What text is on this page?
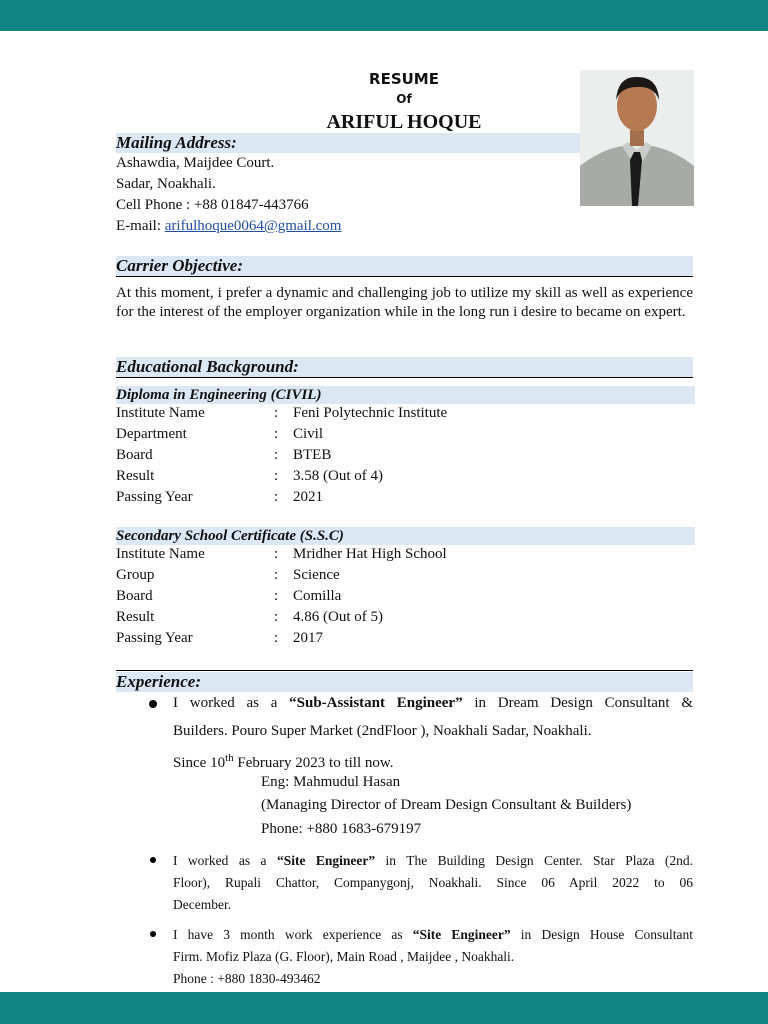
RESUME
Of
ARIFUL HOQUE
Mailing Address:
Ashawdia, Maijdee Court.
Sadar, Noakhali.
Cell Phone : +88 01847-443766
E-mail: arifulhoque0064@gmail.com
Carrier Objective:
At this moment, i prefer a dynamic and challenging job to utilize my skill as well as experience for the interest of the employer organization while in the long run i desire to became on expert.
Educational Background:
Diploma in Engineering (CIVIL)
Institute Name	: Feni Polytechnic Institute
Department	: Civil
Board	: BTEB
Result	: 3.58 (Out of 4)
Passing Year	: 2021
Secondary School Certificate (S.S.C)
Institute Name	: Mridher Hat High School
Group	: Science
Board	: Comilla
Result	: 4.86 (Out of 5)
Passing Year	: 2017
Experience:
I worked as a “Sub-Assistant Engineer” in Dream Design Consultant &
Builders. Pouro Super Market (2ndFloor ), Noakhali Sadar, Noakhali.
Since 10th February 2023 to till now.
Eng: Mahmudul Hasan
(Managing Director of Dream Design Consultant & Builders)
Phone: +880 1683-679197
I worked as a “Site Engineer” in The Building Design Center. Star Plaza (2nd.
Floor), Rupali Chattor, Companygonj, Noakhali. Since 06 April 2022 to 06
December.
I have 3 month work experience as “Site Engineer” in Design House Consultant
Firm. Mofiz Plaza (G. Floor), Main Road , Maijdee , Noakhali.
Phone : +880 1830-493462
